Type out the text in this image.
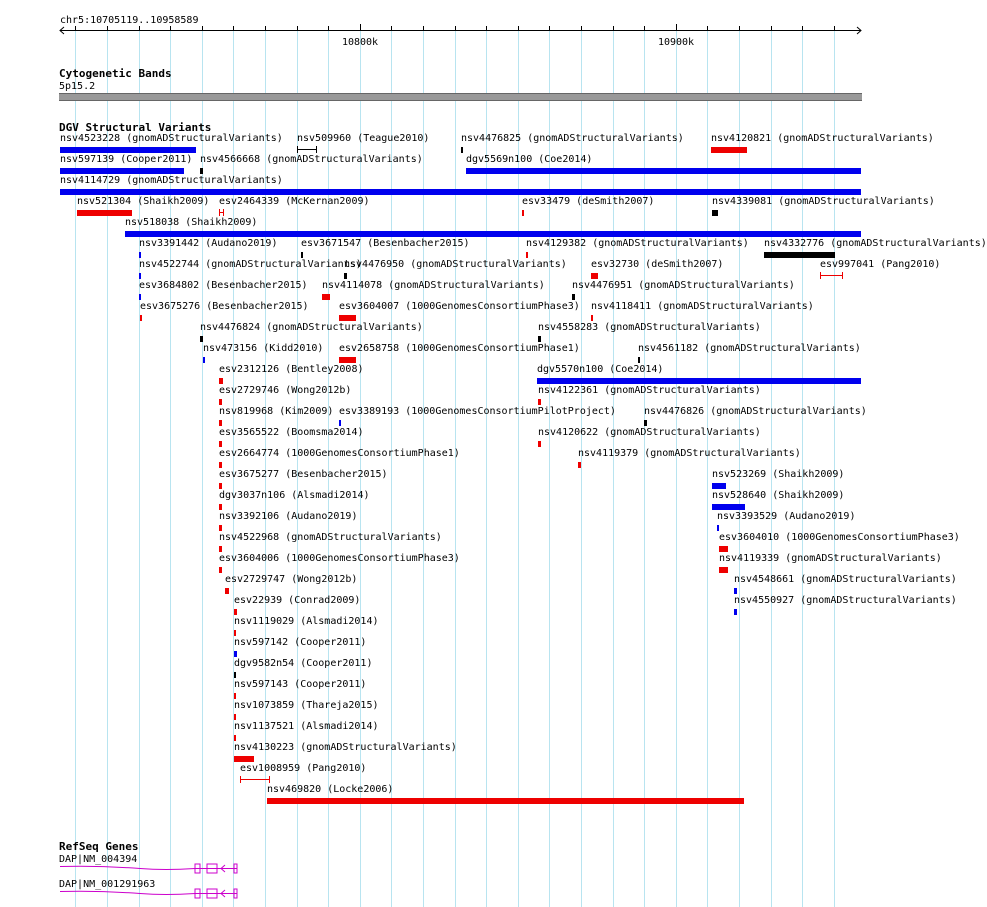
chr5:10705119..10958589
10800k	10900k
Cytogenetic Bands
5p15.2
DGV Structural Variants
nsv4523228 (gnomADStructuralVariants) nsv509960 (Teague2010)	nsv4476825 (gnomADStructuralVariants)	nsv4120821 (gnomADStructuralVariants)
nsv597139 (Cooper2011) nsv4566668 (gnomADStructuralVariants)	dgv5569n100 (Coe2014)
nsv4114729 (gnomADStructuralVariants)
nsv521304 (Shaikh2009) esv2464339 (McKernan2009)	esv33479 (deSmith2007)	nsv4339081 (gnomADStructuralVariants)
nsv518038 (Shaikh2009)
nsv3391442 (Audano2019) esv3671547 (Besenbacher2015)	nsv4129382 (gnomADStructuralVariants) nsv4332776 (gnomADStructuralVariants)
nsv4522744 (gnomADStructuralVariants)
nsv4476950 (gnomADStructuralVariants) esv32730 (deSmith2007)	esv997041 (Pang2010)
esv3684802 (Besenbacher2015) nsv4114078 (gnomADStructuralVariants)	nsv4476951 (gnomADStructuralVariants)
esv3675276 (Besenbacher2015)	esv3604007 (1000GenomesConsortiumPhase3) nsv4118411 (gnomADStructuralVariants)
nsv4476824 (gnomADStructuralVariants)	nsv4558283 (gnomADStructuralVariants)
nsv473156 (Kidd2010) esv2658758 (1000GenomesConsortiumPhase1)	nsv4561182 (gnomADStructuralVariants)
esv2312126 (Bentley2008)	dgv5570n100 (Coe2014)
esv2729746 (Wong2012b)	nsv4122361 (gnomADStructuralVariants)
nsv819968 (Kim2009) esv3389193 (1000GenomesConsortiumPilotProject)	nsv4476826 (gnomADStructuralVariants)
esv3565522 (Boomsma2014)	nsv4120622 (gnomADStructuralVariants)
esv2664774 (1000GenomesConsortiumPhase1)	nsv4119379 (gnomADStructuralVariants)
esv3675277 (Besenbacher2015)	nsv523269 (Shaikh2009)
dgv3037n106 (Alsmadi2014)	nsv528640 (Shaikh2009)
nsv3392106 (Audano2019)	nsv3393529 (Audano2019)
nsv4522968 (gnomADStructuralVariants)	esv3604010 (1000GenomesConsortiumPhase3)
esv3604006 (1000GenomesConsortiumPhase3)	nsv4119339 (gnomADStructuralVariants)
esv2729747 (Wong2012b)	nsv4548661 (gnomADStructuralVariants)
esv22939 (Conrad2009)	nsv4550927 (gnomADStructuralVariants)
nsv1119029 (Alsmadi2014)
nsv597142 (Cooper2011)
dgv9582n54 (Cooper2011)
nsv597143 (Cooper2011)
nsv1073859 (Thareja2015)
nsv1137521 (Alsmadi2014)
nsv4130223 (gnomADStructuralVariants)
esv1008959 (Pang2010)
nsv469820 (Locke2006)
RefSeq Genes
DAP|NM_004394
DAP|NM_001291963
